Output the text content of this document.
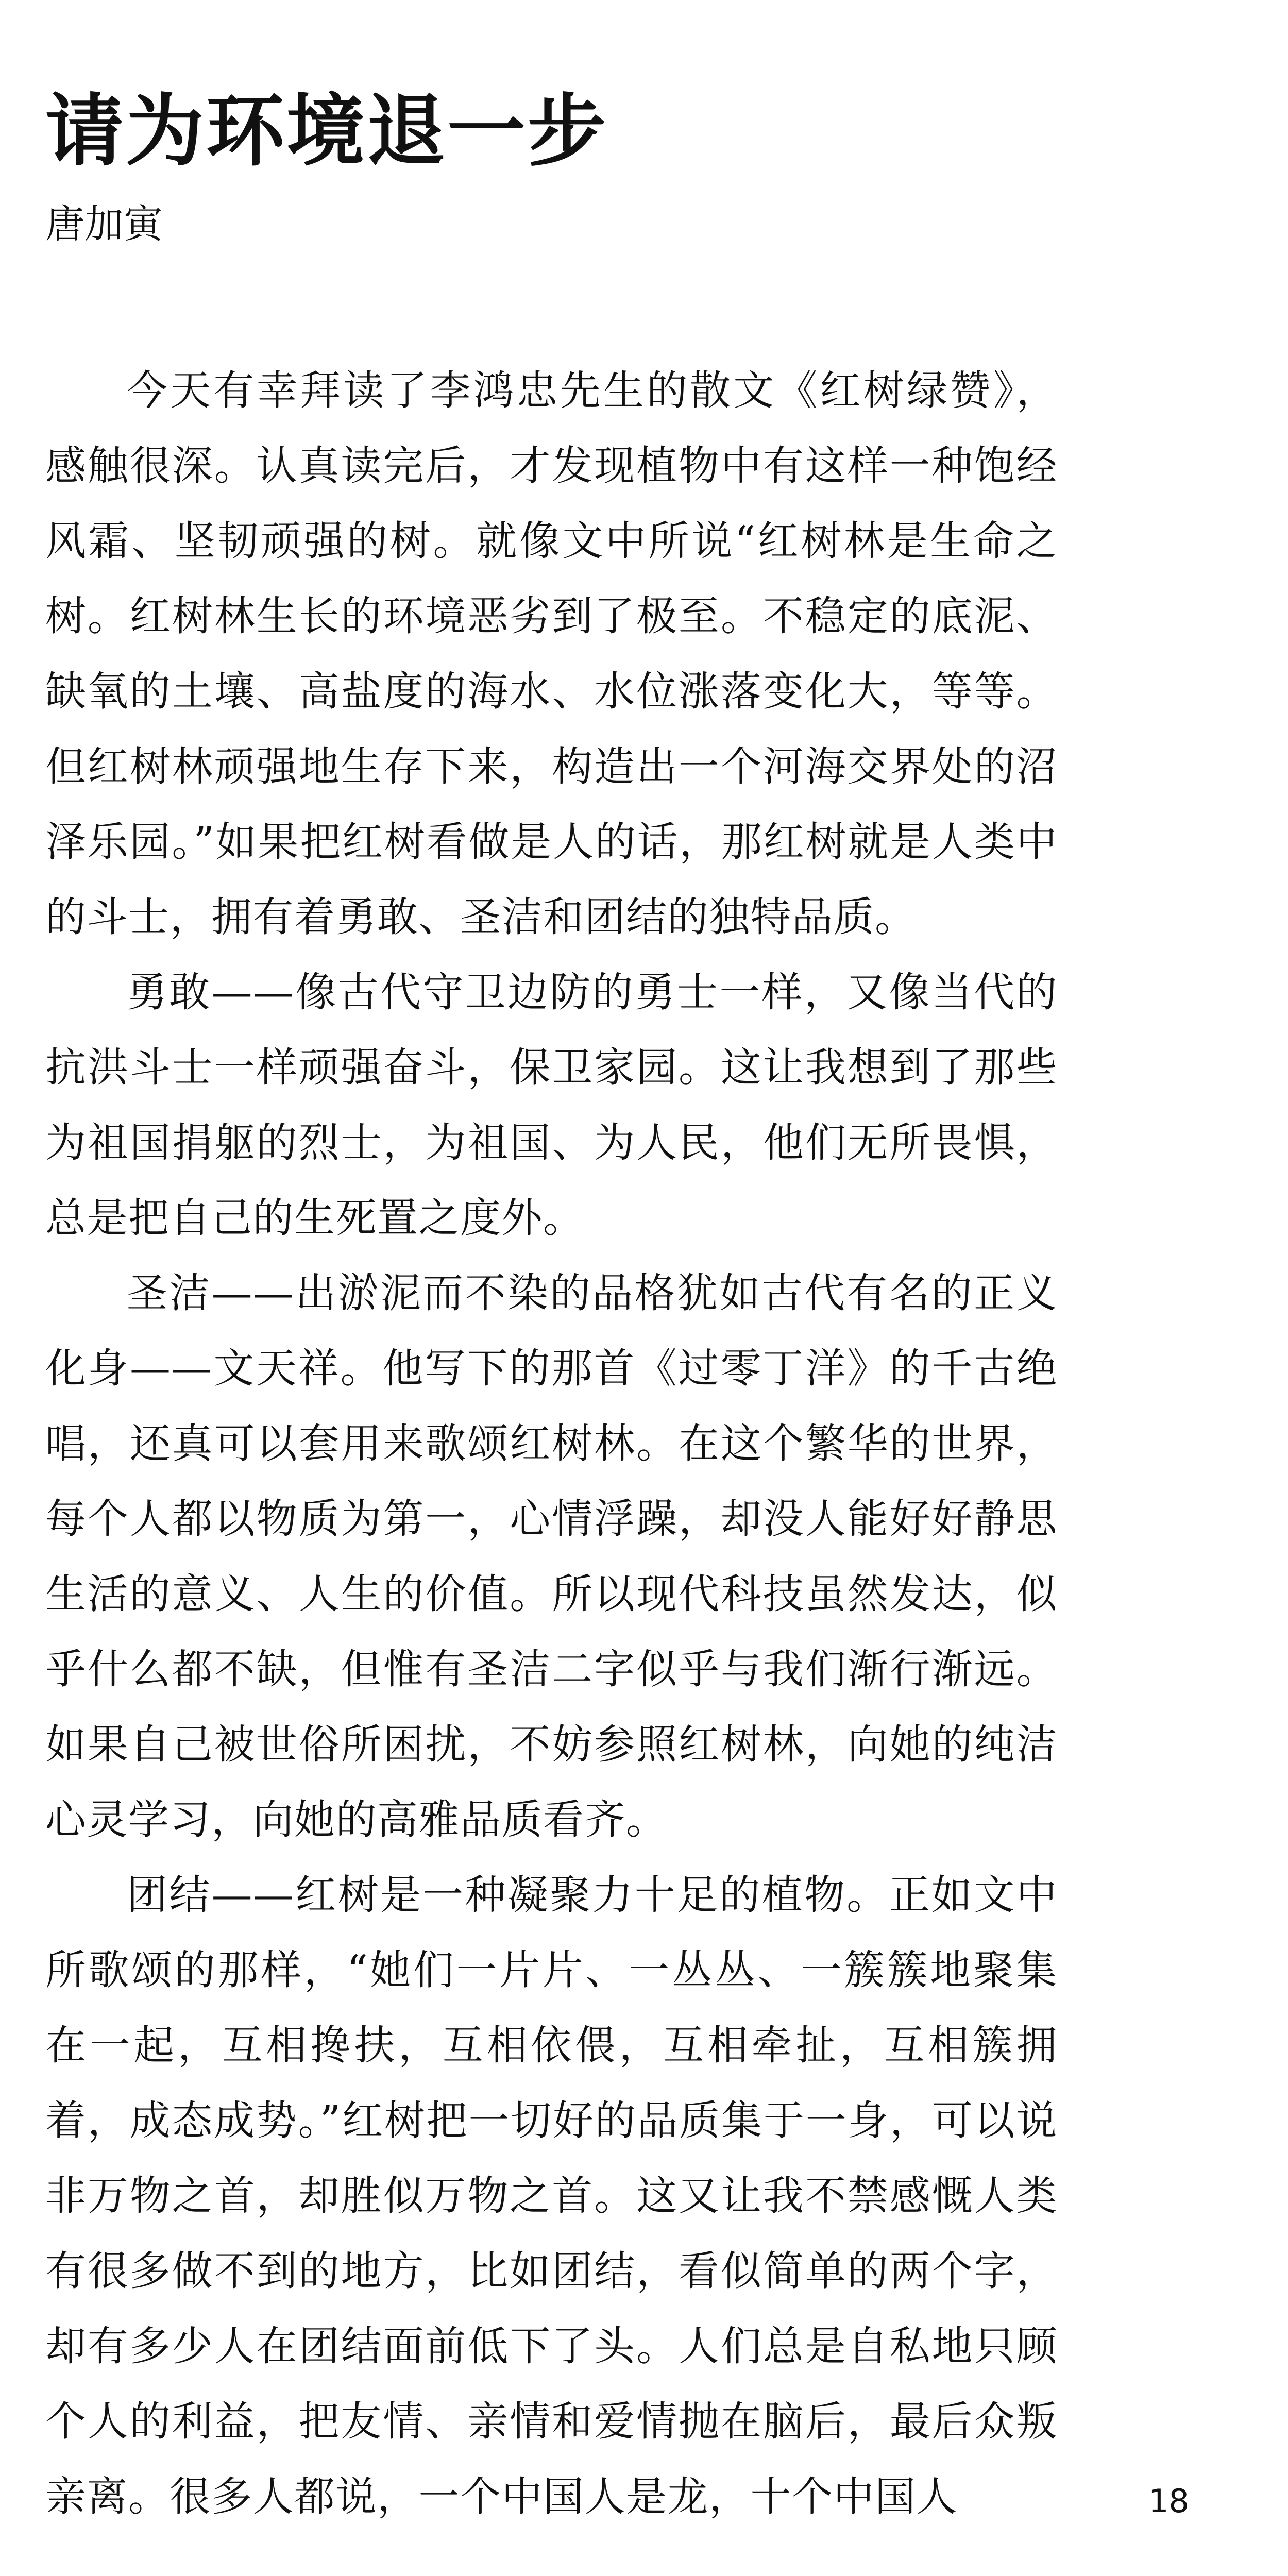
请为环境退一步
唐加寅

今天有幸拜读了李鸿忠先生的散文《红树绿赞》，感触很深。认真读完后，才发现植物中有这样一种饱经风霜、坚韧顽强的树。就像文中所说“红树林是生命之树。红树林生长的环境恶劣到了极至。不稳定的底泥、缺氧的土壤、高盐度的海水、水位涨落变化大，等等。但红树林顽强地生存下来，构造出一个河海交界处的沼泽乐园。”如果把红树看做是人的话，那红树就是人类中的斗士，拥有着勇敢、圣洁和团结的独特品质。

勇敢——像古代守卫边防的勇士一样，又像当代的抗洪斗士一样顽强奋斗，保卫家园。这让我想到了那些为祖国捐躯的烈士，为祖国、为人民，他们无所畏惧，总是把自己的生死置之度外。

圣洁——出淤泥而不染的品格犹如古代有名的正义化身——文天祥。他写下的那首《过零丁洋》的千古绝唱，还真可以套用来歌颂红树林。在这个繁华的世界，每个人都以物质为第一，心情浮躁，却没人能好好静思生活的意义、人生的价值。所以现代科技虽然发达，似乎什么都不缺，但惟有圣洁二字似乎与我们渐行渐远。如果自己被世俗所困扰，不妨参照红树林，向她的纯洁心灵学习，向她的高雅品质看齐。

团结——红树是一种凝聚力十足的植物。正如文中所歌颂的那样，“她们一片片、一丛丛、一簇簇地聚集在一起，互相搀扶，互相依偎，互相牵扯，互相簇拥着，成态成势。”红树把一切好的品质集于一身，可以说非万物之首，却胜似万物之首。这又让我不禁感慨人类有很多做不到的地方，比如团结，看似简单的两个字，却有多少人在团结面前低下了头。人们总是自私地只顾个人的利益，把友情、亲情和爱情抛在脑后，最后众叛亲离。很多人都说，一个中国人是龙，十个中国人	18
